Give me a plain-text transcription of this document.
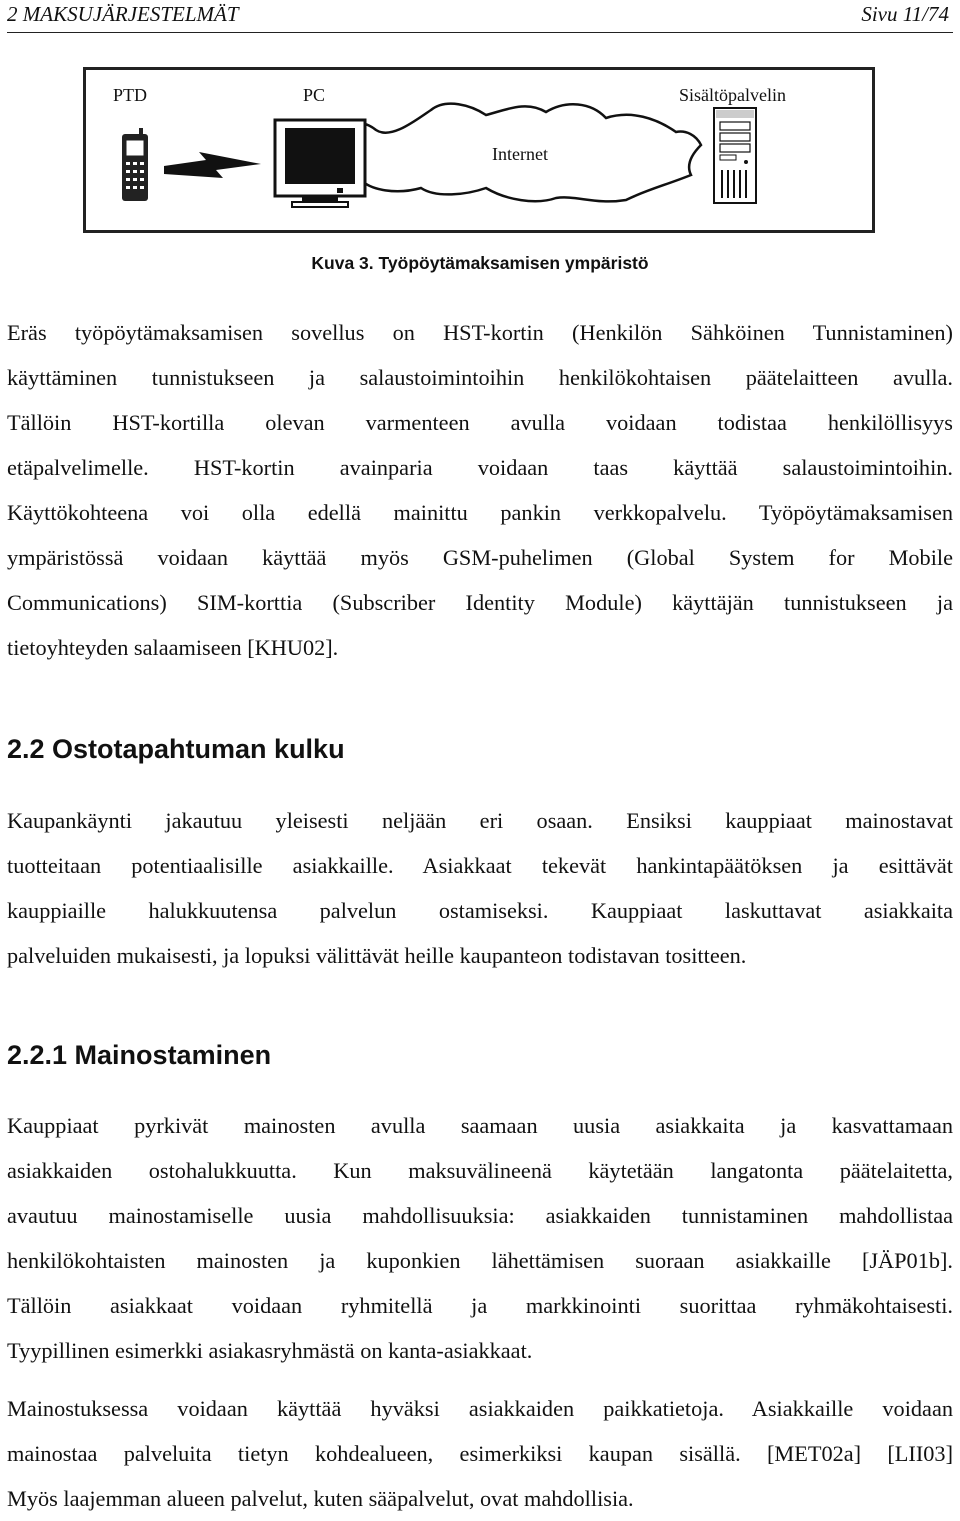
2 MAKSUJÄRJESTELMÄT	Sivu 11/74
PTD	PC	Sisältöpalvelin
Internet
Kuva 3. Työpöytämaksamisen ympäristö
Eräs työpöytämaksamisen sovellus on HST-kortin (Henkilön Sähköinen Tunnistaminen)
käyttäminen tunnistukseen ja salaustoimintoihin henkilökohtaisen päätelaitteen avulla.
Tällöin HST-kortilla olevan varmenteen avulla voidaan todistaa henkilöllisyys
etäpalvelimelle. HST-kortin avainparia voidaan taas käyttää salaustoimintoihin.
Käyttökohteena voi olla edellä mainittu pankin verkkopalvelu. Työpöytämaksamisen
ympäristössä voidaan käyttää myös GSM-puhelimen (Global System for Mobile
Communications) SIM-korttia (Subscriber Identity Module) käyttäjän tunnistukseen ja
tietoyhteyden salaamiseen [KHU02].
2.2 Ostotapahtuman kulku
Kaupankäynti jakautuu yleisesti neljään eri osaan. Ensiksi kauppiaat mainostavat
tuotteitaan potentiaalisille asiakkaille. Asiakkaat tekevät hankintapäätöksen ja esittävät
kauppiaille halukkuutensa palvelun ostamiseksi. Kauppiaat laskuttavat asiakkaita
palveluiden mukaisesti, ja lopuksi välittävät heille kaupanteon todistavan tositteen.
2.2.1 Mainostaminen
Kauppiaat pyrkivät mainosten avulla saamaan uusia asiakkaita ja kasvattamaan
asiakkaiden ostohalukkuutta. Kun maksuvälineenä käytetään langatonta päätelaitetta,
avautuu mainostamiselle uusia mahdollisuuksia: asiakkaiden tunnistaminen mahdollistaa
henkilökohtaisten mainosten ja kuponkien lähettämisen suoraan asiakkaille [JÄP01b].
Tällöin asiakkaat voidaan ryhmitellä ja markkinointi suorittaa ryhmäkohtaisesti.
Tyypillinen esimerkki asiakasryhmästä on kanta-asiakkaat.
Mainostuksessa voidaan käyttää hyväksi asiakkaiden paikkatietoja. Asiakkaille voidaan
mainostaa palveluita tietyn kohdealueen, esimerkiksi kaupan sisällä. [MET02a] [LII03]
Myös laajemman alueen palvelut, kuten sääpalvelut, ovat mahdollisia.
